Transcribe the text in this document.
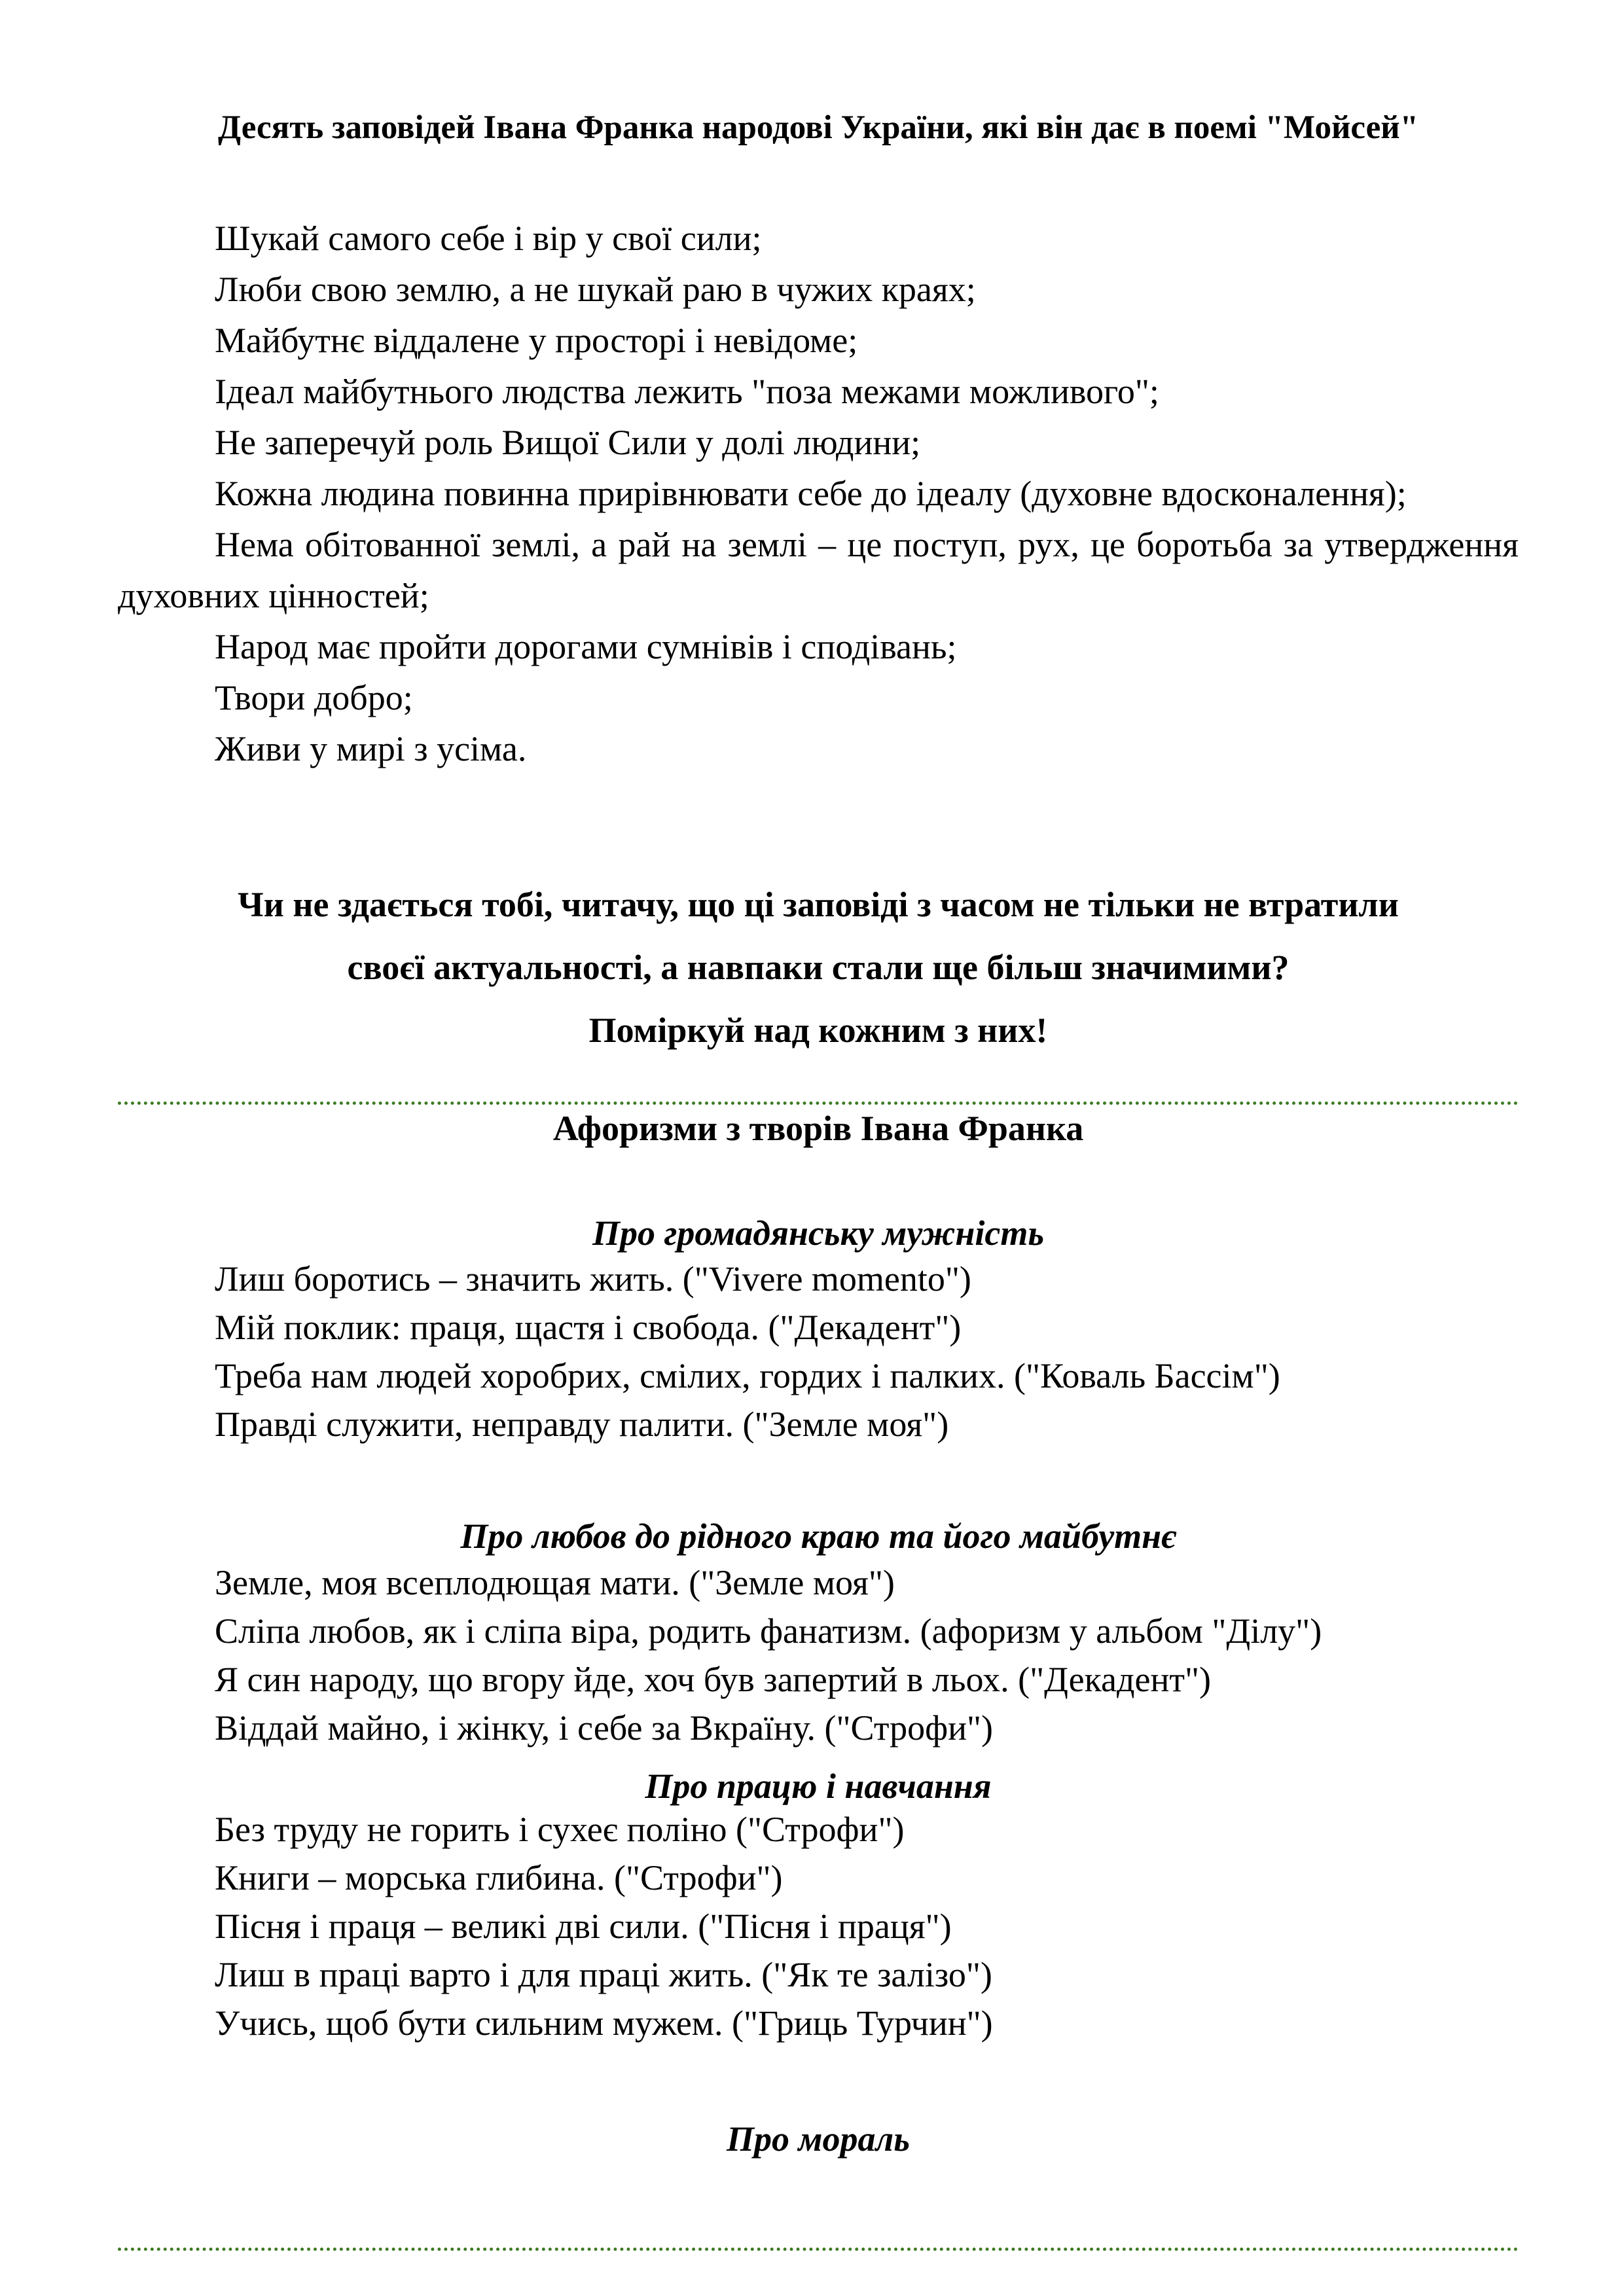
Десять заповідей Івана Франка народові України, які він дає в поемі "Мойсей"
Шукай самого себе і вір у свої сили;
Люби свою землю, а не шукай раю в чужих краях;
Майбутнє віддалене у просторі і невідоме;
Ідеал майбутнього людства лежить "поза межами можливого";
Не заперечуй роль Вищої Сили у долі людини;
Кожна людина повинна прирівнювати себе до ідеалу (духовне вдосконалення);
Нема обітованної землі, а рай на землі – це поступ, рух, це боротьба за утвердження духовних цінностей;
Народ має пройти дорогами сумнівів і сподівань;
Твори добро;
Живи у мирі з усіма.
Чи не здається тобі, читачу, що ці заповіді з часом не тільки не втратили
своєї актуальності, а навпаки стали ще більш значимими?
Поміркуй над кожним з них!
Афоризми з творів Івана Франка
Про громадянську мужність
Лиш боротись – значить жить. ("Vivere momento")
Мій поклик: праця, щастя і свобода. ("Декадент")
Треба нам людей хоробрих, смілих, гордих і палких. ("Коваль Бассім")
Правді служити, неправду палити. ("Земле моя")
Про любов до рідного краю та його майбутнє
Земле, моя всеплодющая мати. ("Земле моя")
Сліпа любов, як і сліпа віра, родить фанатизм. (афоризм у альбом "Ділу")
Я син народу, що вгору йде, хоч був запертий в льох. ("Декадент")
Віддай майно, і жінку, і себе за Вкраїну. ("Строфи")
Про працю і навчання
Без труду не горить і сухеє поліно ("Строфи")
Книги – морська глибина. ("Строфи")
Пісня і праця – великі дві сили. ("Пісня і праця")
Лиш в праці варто і для праці жить. ("Як те залізо")
Учись, щоб бути сильним мужем. ("Гриць Турчин")
Про мораль
